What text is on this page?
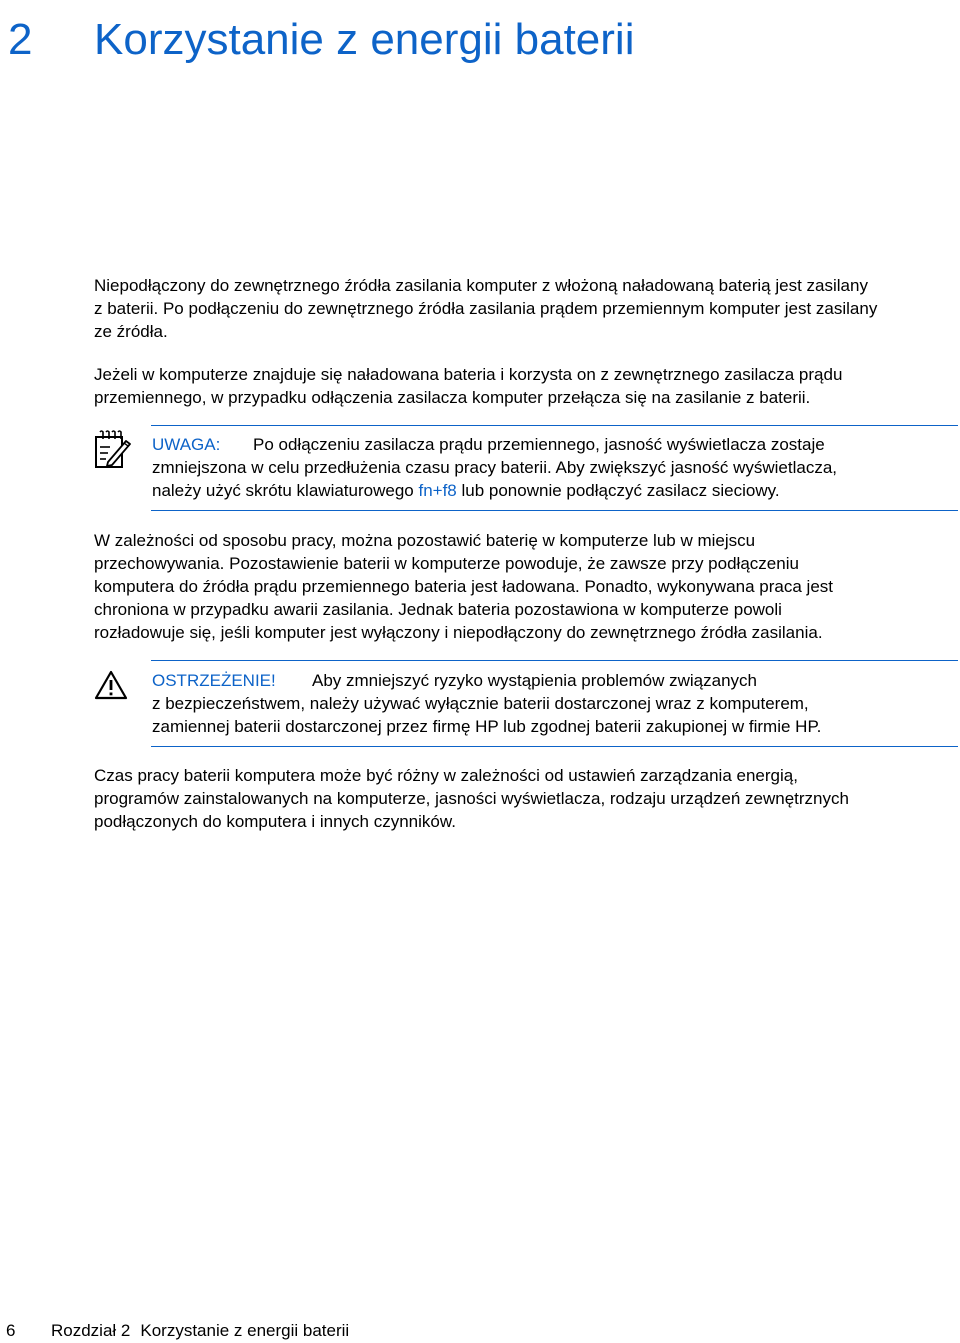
2 Korzystanie z energii baterii

Niepodłączony do zewnętrznego źródła zasilania komputer z włożoną naładowaną baterią jest zasilany
z baterii. Po podłączeniu do zewnętrznego źródła zasilania prądem przemiennym komputer jest zasilany
ze źródła.

Jeżeli w komputerze znajduje się naładowana bateria i korzysta on z zewnętrznego zasilacza prądu
przemiennego, w przypadku odłączenia zasilacza komputer przełącza się na zasilanie z baterii.

UWAGA: Po odłączeniu zasilacza prądu przemiennego, jasność wyświetlacza zostaje
zmniejszona w celu przedłużenia czasu pracy baterii. Aby zwiększyć jasność wyświetlacza,
należy użyć skrótu klawiaturowego fn+f8 lub ponownie podłączyć zasilacz sieciowy.

W zależności od sposobu pracy, można pozostawić baterię w komputerze lub w miejscu
przechowywania. Pozostawienie baterii w komputerze powoduje, że zawsze przy podłączeniu
komputera do źródła prądu przemiennego bateria jest ładowana. Ponadto, wykonywana praca jest
chroniona w przypadku awarii zasilania. Jednak bateria pozostawiona w komputerze powoli
rozładowuje się, jeśli komputer jest wyłączony i niepodłączony do zewnętrznego źródła zasilania.

OSTRZEŻENIE! Aby zmniejszyć ryzyko wystąpienia problemów związanych
z bezpieczeństwem, należy używać wyłącznie baterii dostarczonej wraz z komputerem,
zamiennej baterii dostarczonej przez firmę HP lub zgodnej baterii zakupionej w firmie HP.

Czas pracy baterii komputera może być różny w zależności od ustawień zarządzania energią,
programów zainstalowanych na komputerze, jasności wyświetlacza, rodzaju urządzeń zewnętrznych
podłączonych do komputera i innych czynników.

6 Rozdział 2 Korzystanie z energii baterii
